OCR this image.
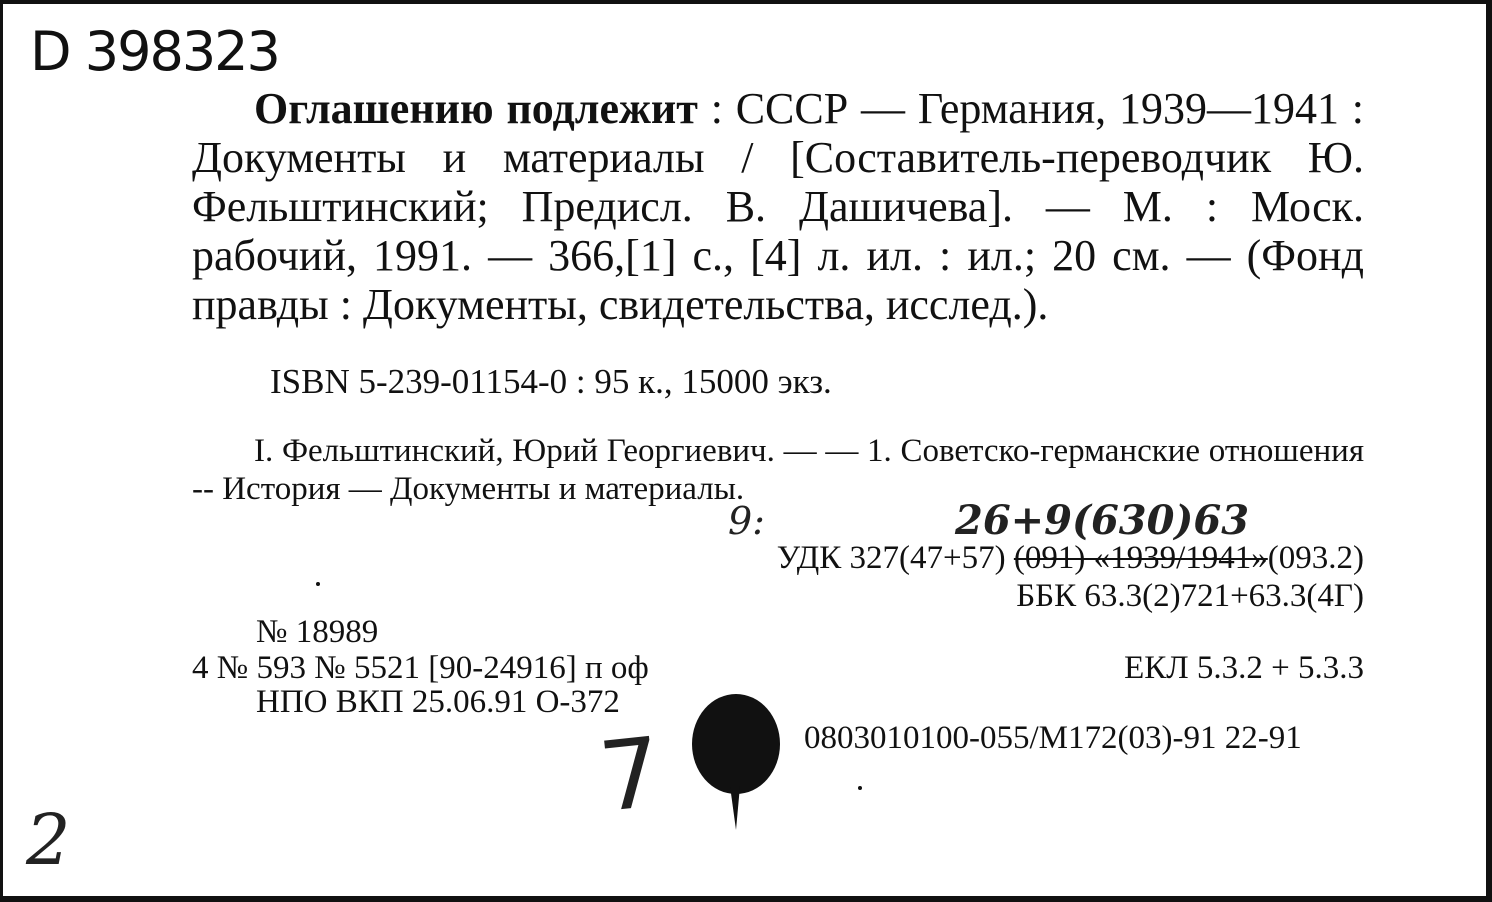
D 398323
Оглашению подлежит : СССР — Германия, 1939—1941 : Документы и материалы / [Составитель-переводчик Ю. Фельштинский; Предисл. В. Дашичева]. — М. : Моск. рабочий, 1991. — 366,[1] с., [4] л. ил. : ил.; 20 см. — (Фонд правды : Документы, свидетельства, исслед.).
ISBN 5-239-01154-0 : 95 к., 15000 экз.
I. Фельштинский, Юрий Георгиевич. — — 1. Советско-германские отношения -- История — Документы и материалы.
9:	26+9(630)63
УДК 327(47+57) (091) «1939/1941»(093.2)
ББК 63.3(2)721+63.3(4Г)
№ 18989
4 № 593 № 5521 [90-24916] п оф	ЕКЛ 5.3.2 + 5.3.3
НПО ВКП 25.06.91 О-372
0803010100-055/М172(03)-91 22-91
7
2
